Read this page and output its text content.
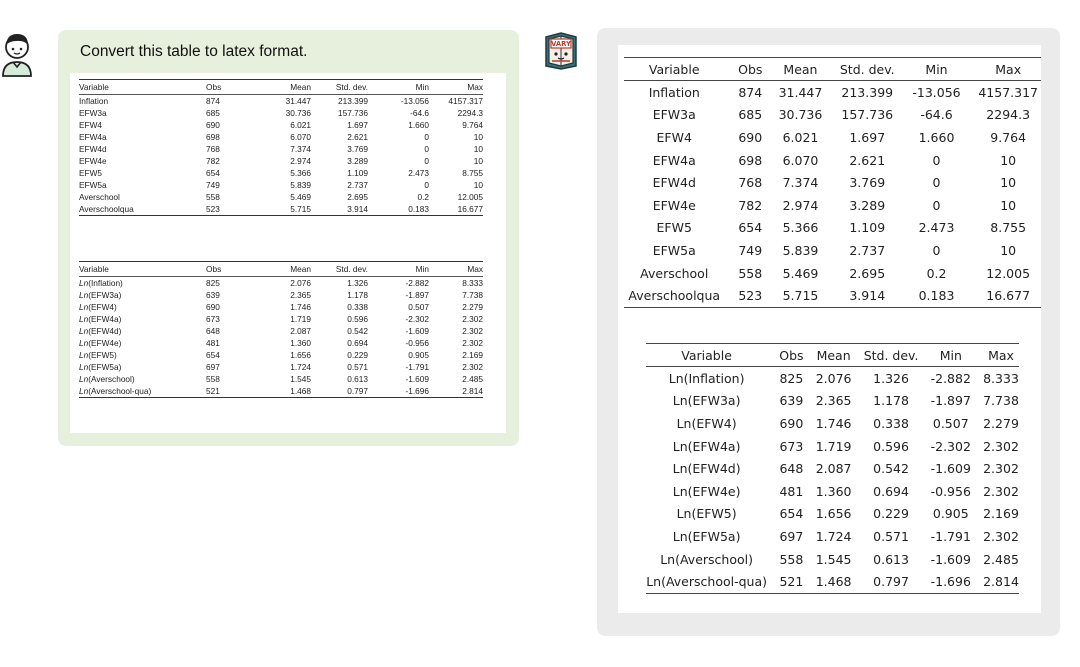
Convert this table to latex format.
Variable	Obs	Mean	Std. dev.	Min	Max
Inflation	874	31.447	213.399	-13.056	4157.317
EFW3a	685	30.736	157.736	-64.6	2294.3
EFW4	690	6.021	1.697	1.660	9.764
EFW4a	698	6.070	2.621	0	10
EFW4d	768	7.374	3.769	0	10
EFW4e	782	2.974	3.289	0	10
EFW5	654	5.366	1.109	2.473	8.755
EFW5a	749	5.839	2.737	0	10
Averschool	558	5.469	2.695	0.2	12.005
Averschoolqua	523	5.715	3.914	0.183	16.677
Variable	Obs	Mean	Std. dev.	Min	Max
Ln(Inflation)	825	2.076	1.326	-2.882	8.333
Ln(EFW3a)	639	2.365	1.178	-1.897	7.738
Ln(EFW4)	690	1.746	0.338	0.507	2.279
Ln(EFW4a)	673	1.719	0.596	-2.302	2.302
Ln(EFW4d)	648	2.087	0.542	-1.609	2.302
Ln(EFW4e)	481	1.360	0.694	-0.956	2.302
Ln(EFW5)	654	1.656	0.229	0.905	2.169
Ln(EFW5a)	697	1.724	0.571	-1.791	2.302
Ln(Averschool)	558	1.545	0.613	-1.609	2.485
Ln(Averschool-qua)	521	1.468	0.797	-1.696	2.814
VARY
Variable	Obs	Mean	Std. dev.	Min	Max
Inflation	874	31.447	213.399	-13.056	4157.317
EFW3a	685	30.736	157.736	-64.6	2294.3
EFW4	690	6.021	1.697	1.660	9.764
EFW4a	698	6.070	2.621	0	10
EFW4d	768	7.374	3.769	0	10
EFW4e	782	2.974	3.289	0	10
EFW5	654	5.366	1.109	2.473	8.755
EFW5a	749	5.839	2.737	0	10
Averschool	558	5.469	2.695	0.2	12.005
Averschoolqua	523	5.715	3.914	0.183	16.677
Variable	Obs	Mean	Std. dev.	Min	Max
Ln(Inflation)	825	2.076	1.326	-2.882	8.333
Ln(EFW3a)	639	2.365	1.178	-1.897	7.738
Ln(EFW4)	690	1.746	0.338	0.507	2.279
Ln(EFW4a)	673	1.719	0.596	-2.302	2.302
Ln(EFW4d)	648	2.087	0.542	-1.609	2.302
Ln(EFW4e)	481	1.360	0.694	-0.956	2.302
Ln(EFW5)	654	1.656	0.229	0.905	2.169
Ln(EFW5a)	697	1.724	0.571	-1.791	2.302
Ln(Averschool)	558	1.545	0.613	-1.609	2.485
Ln(Averschool-qua)	521	1.468	0.797	-1.696	2.814
